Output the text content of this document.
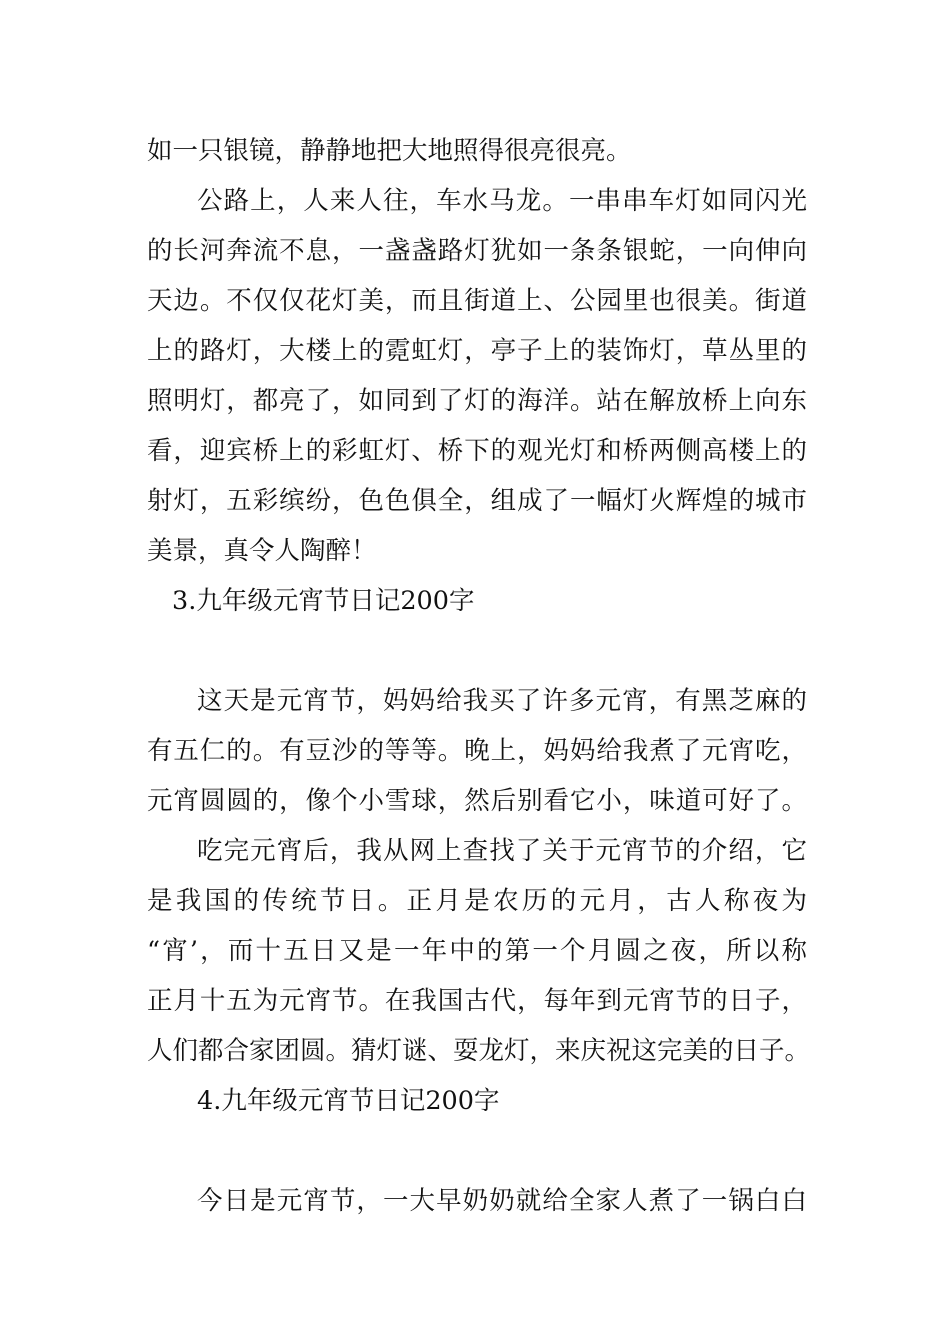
如一只银镜，静静地把大地照得很亮很亮。
公路上，人来人往，车水马龙。一串串车灯如同闪光
的长河奔流不息，一盏盏路灯犹如一条条银蛇，一向伸向
天边。不仅仅花灯美，而且街道上、公园里也很美。街道
上的路灯，大楼上的霓虹灯，亭子上的装饰灯，草丛里的
照明灯，都亮了，如同到了灯的海洋。站在解放桥上向东
看，迎宾桥上的彩虹灯、桥下的观光灯和桥两侧高楼上的
射灯，五彩缤纷，色色俱全，组成了一幅灯火辉煌的城市
美景，真令人陶醉！
3.九年级元宵节日记200字
这天是元宵节，妈妈给我买了许多元宵，有黑芝麻的
有五仁的。有豆沙的等等。晚上，妈妈给我煮了元宵吃，
元宵圆圆的，像个小雪球，然后别看它小，味道可好了。
吃完元宵后，我从网上查找了关于元宵节的介绍，它
是我国的传统节日。正月是农历的元月，古人称夜为
“宵’，而十五日又是一年中的第一个月圆之夜，所以称
正月十五为元宵节。在我国古代，每年到元宵节的日子，
人们都合家团圆。猜灯谜、耍龙灯，来庆祝这完美的日子。
4.九年级元宵节日记200字
今日是元宵节，一大早奶奶就给全家人煮了一锅白白
